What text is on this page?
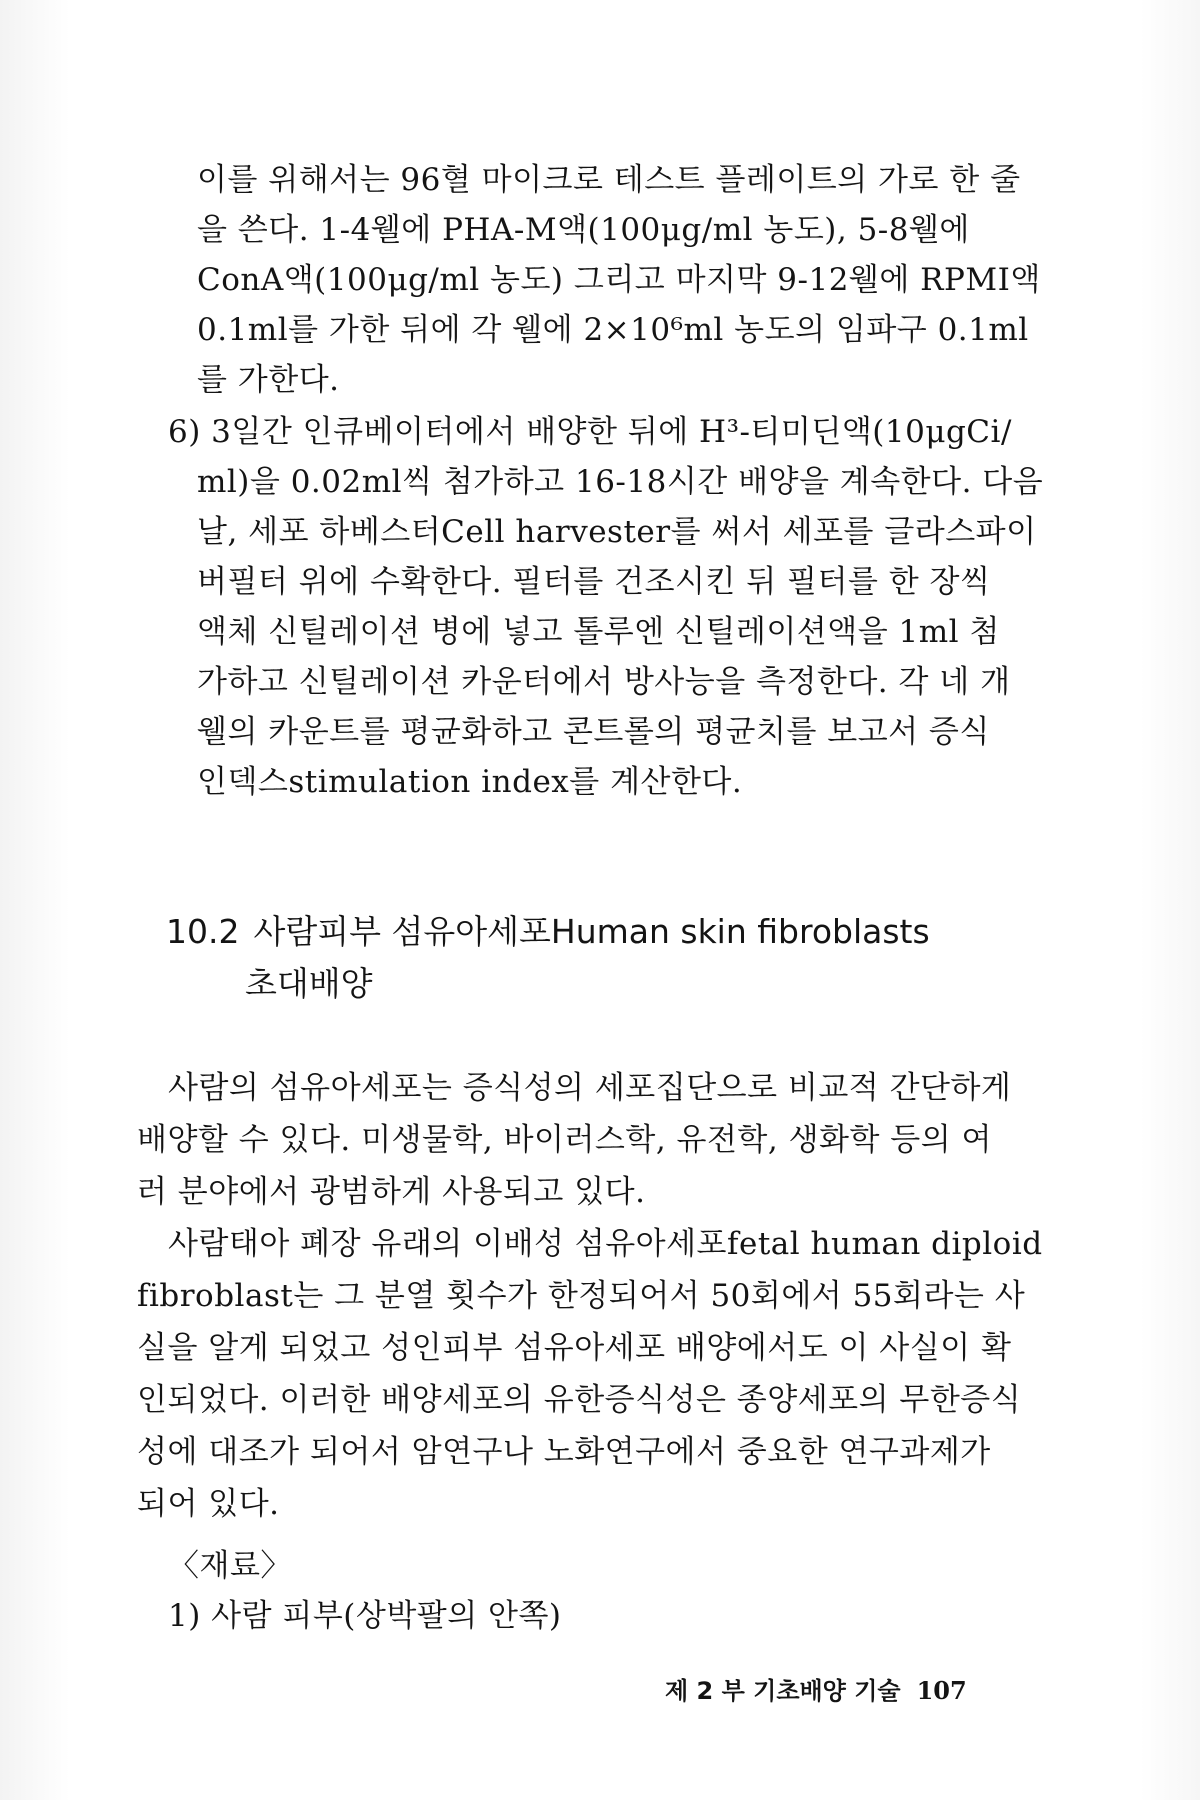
이를 위해서는 96혈 마이크로 테스트 플레이트의 가로 한 줄
을 쓴다. 1-4웰에 PHA-M액(100μg/ml 농도), 5-8웰에
ConA액(100μg/ml 농도) 그리고 마지막 9-12웰에 RPMI액
0.1ml를 가한 뒤에 각 웰에 2×10⁶ml 농도의 임파구 0.1ml
를 가한다.
6) 3일간 인큐베이터에서 배양한 뒤에 H³-티미딘액(10μgCi/
ml)을 0.02ml씩 첨가하고 16-18시간 배양을 계속한다. 다음
날, 세포 하베스터Cell harvester를 써서 세포를 글라스파이
버필터 위에 수확한다. 필터를 건조시킨 뒤 필터를 한 장씩
액체 신틸레이션 병에 넣고 톨루엔 신틸레이션액을 1ml 첨
가하고 신틸레이션 카운터에서 방사능을 측정한다. 각 네 개
웰의 카운트를 평균화하고 콘트롤의 평균치를 보고서 증식
인덱스stimulation index를 계산한다.
10.2 사람피부 섬유아세포Human skin fibroblasts
초대배양
사람의 섬유아세포는 증식성의 세포집단으로 비교적 간단하게
배양할 수 있다. 미생물학, 바이러스학, 유전학, 생화학 등의 여
러 분야에서 광범하게 사용되고 있다.
사람태아 폐장 유래의 이배성 섬유아세포fetal human diploid
fibroblast는 그 분열 횟수가 한정되어서 50회에서 55회라는 사
실을 알게 되었고 성인피부 섬유아세포 배양에서도 이 사실이 확
인되었다. 이러한 배양세포의 유한증식성은 종양세포의 무한증식
성에 대조가 되어서 암연구나 노화연구에서 중요한 연구과제가
되어 있다.
〈재료〉
1) 사람 피부(상박팔의 안쪽)
제 2 부 기초배양 기술 107
